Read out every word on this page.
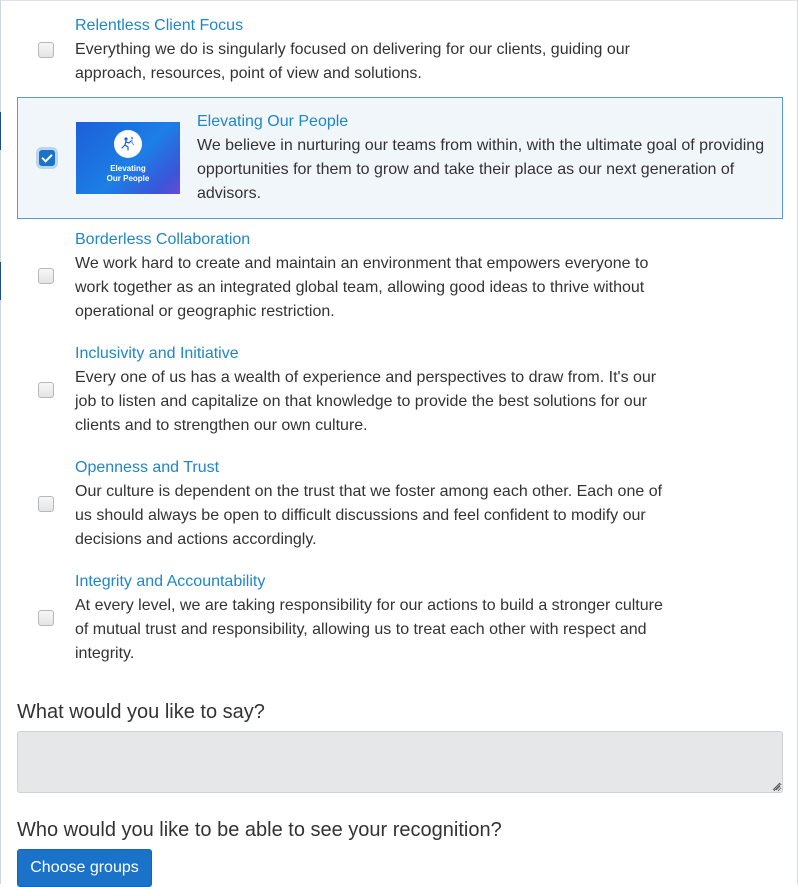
Relentless Client Focus
Everything we do is singularly focused on delivering for our clients, guiding our
approach, resources, point of view and solutions.
Elevating
Our People
Elevating Our People
We believe in nurturing our teams from within, with the ultimate goal of providing
opportunities for them to grow and take their place as our next generation of
advisors.
Borderless Collaboration
We work hard to create and maintain an environment that empowers everyone to
work together as an integrated global team, allowing good ideas to thrive without
operational or geographic restriction.
Inclusivity and Initiative
Every one of us has a wealth of experience and perspectives to draw from. It's our
job to listen and capitalize on that knowledge to provide the best solutions for our
clients and to strengthen our own culture.
Openness and Trust
Our culture is dependent on the trust that we foster among each other. Each one of
us should always be open to difficult discussions and feel confident to modify our
decisions and actions accordingly.
Integrity and Accountability
At every level, we are taking responsibility for our actions to build a stronger culture
of mutual trust and responsibility, allowing us to treat each other with respect and
integrity.
What would you like to say?
Who would you like to be able to see your recognition?
Choose groups
